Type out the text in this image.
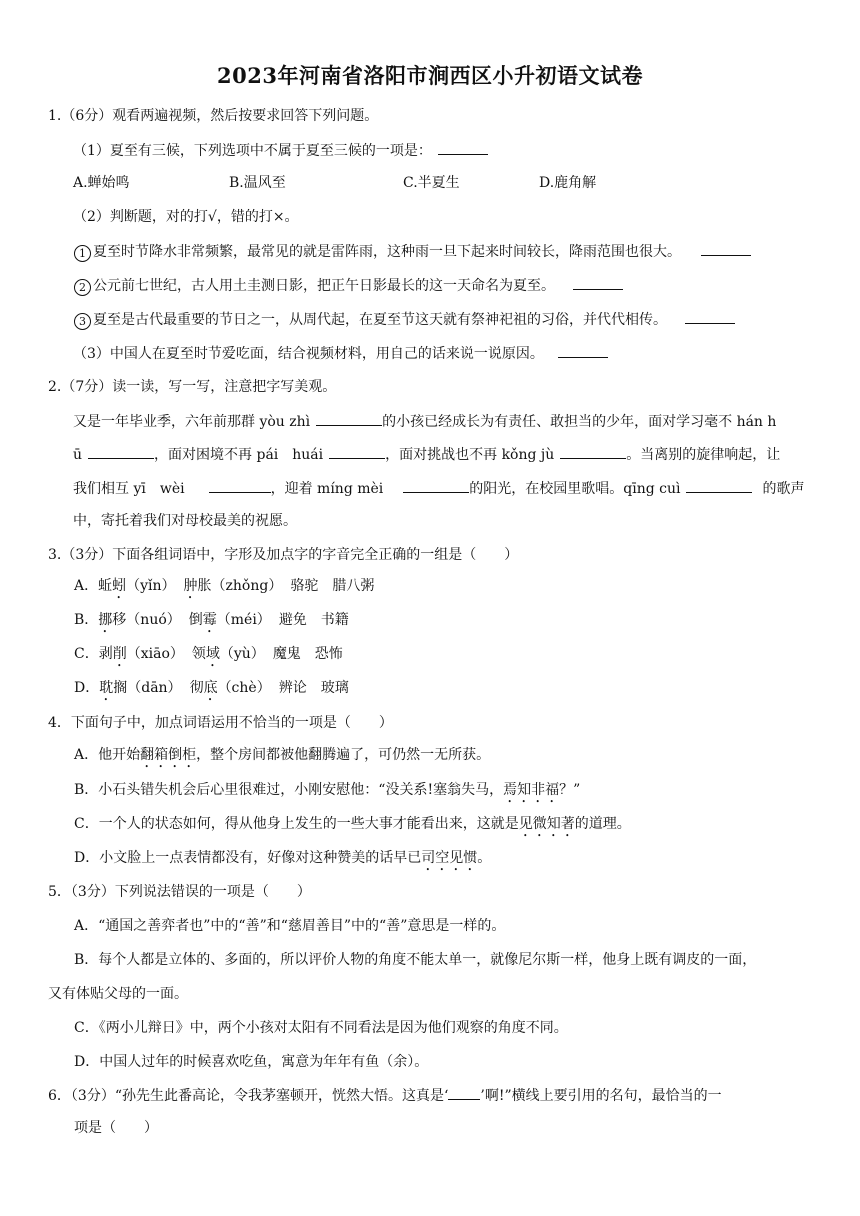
2023年河南省洛阳市涧西区小升初语文试卷
1.（6分）观看两遍视频，然后按要求回答下列问题。
（1）夏至有三候，下列选项中不属于夏至三候的一项是：
A.蝉始鸣	B.温风至	C.半夏生	D.鹿角解
（2）判断题，对的打√，错的打×。
1 夏至时节降水非常频繁，最常见的就是雷阵雨，这种雨一旦下起来时间较长，降雨范围也很大。
2 公元前七世纪，古人用土圭测日影，把正午日影最长的这一天命名为夏至。
3 夏至是古代最重要的节日之一，从周代起，在夏至节这天就有祭神祀祖的习俗，并代代相传。
（3）中国人在夏至时节爱吃面，结合视频材料，用自己的话来说一说原因。
2.（7分）读一读，写一写，注意把字写美观。
又是一年毕业季，六年前那群 yòu zhì	的小孩已经成长为有责任、敢担当的少年，面对学习毫不 hán h
ū	，面对困境不再 pái　huái	，面对挑战也不再 kǒng jù	。当离别的旋律响起，让
我们相互 yī　wèi	，迎着 míng mèi	的阳光，在校园里歌唱。qīng cuì	的歌声
中，寄托着我们对母校最美的祝愿。
3.（3分）下面各组词语中，字形及加点字的字音完全正确的一组是（　　）
A．蚯蚓（yǐn） 肿胀（zhǒng） 骆驼　腊八粥
B．挪移（nuó） 倒霉（méi） 避免　书籍
C．剥削（xiāo） 领域（yù） 魔鬼　恐怖
D．耽搁（dān） 彻底（chè） 辨论　玻璃
4．下面句子中，加点词语运用不恰当的一项是（　　）
A．他开始翻箱倒柜，整个房间都被他翻腾遍了，可仍然一无所获。
B．小石头错失机会后心里很难过，小刚安慰他：“没关系!塞翁失马，焉知非福？”
C．一个人的状态如何，得从他身上发生的一些大事才能看出来，这就是见微知著的道理。
D．小文脸上一点表情都没有，好像对这种赞美的话早已司空见惯。
5．（3分）下列说法错误的一项是（　　）
A．“通国之善弈者也”中的“善”和“慈眉善目”中的“善”意思是一样的。
B．每个人都是立体的、多面的，所以评价人物的角度不能太单一，就像尼尔斯一样，他身上既有调皮的一面，
又有体贴父母的一面。
C．《两小儿辩日》中，两个小孩对太阳有不同看法是因为他们观察的角度不同。
D．中国人过年的时候喜欢吃鱼，寓意为年年有鱼（余）。
6．（3分）“孙先生此番高论，令我茅塞顿开，恍然大悟。这真是‘ ’啊!”横线上要引用的名句，最恰当的一
项是（　　）
